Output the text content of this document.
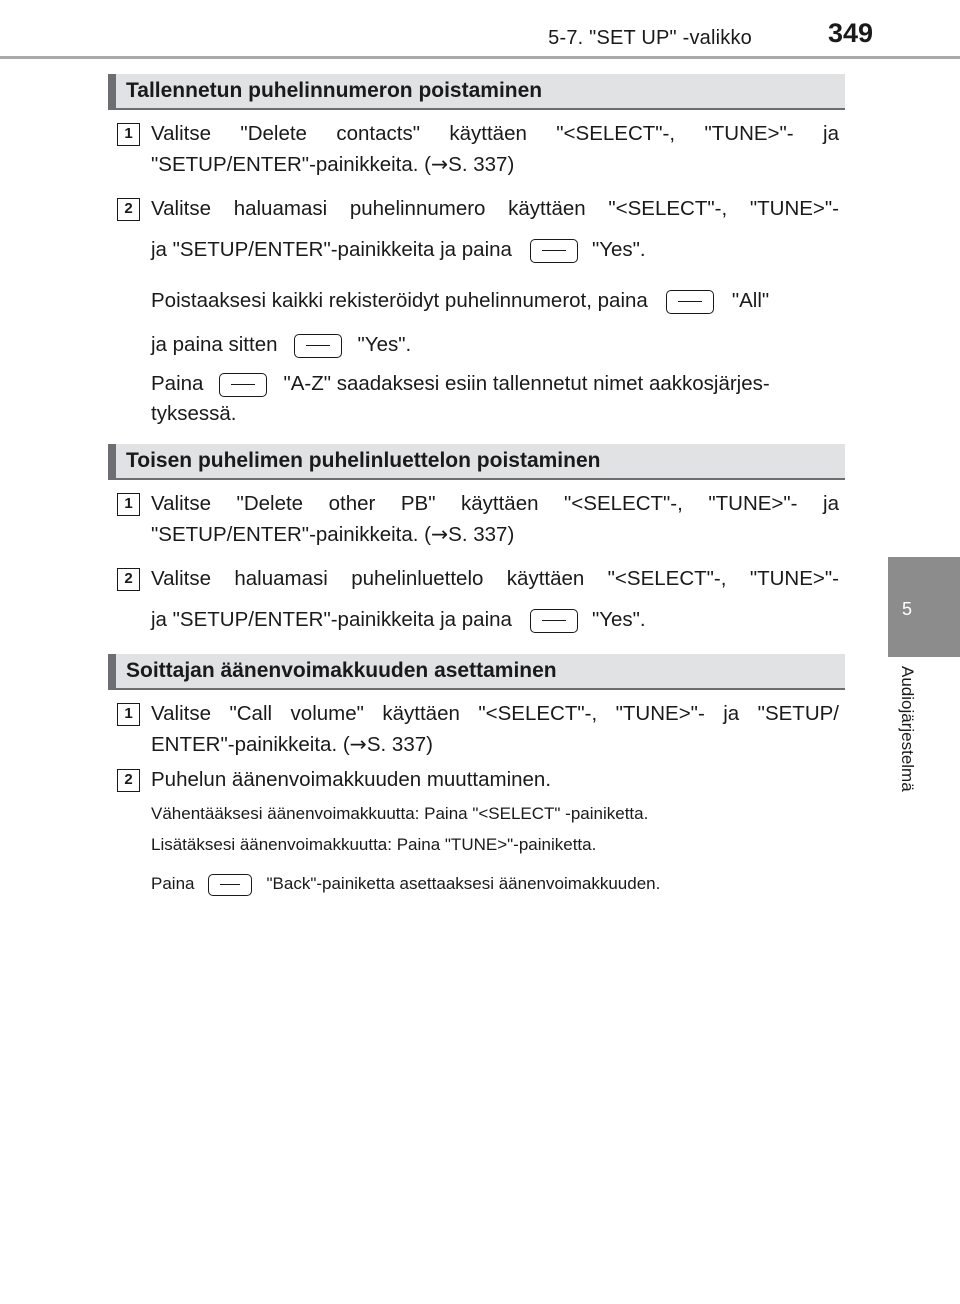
5-7. "SET UP" -valikko	349
5
Audiojärjestelmä
Tallennetun puhelinnumeron poistaminen
1 Valitse "Delete contacts" käyttäen "<SELECT"-, "TUNE>"- ja
"SETUP/ENTER"-painikkeita. (→S. 337)
2 Valitse haluamasi puhelinnumero käyttäen "<SELECT"-, "TUNE>"-
ja "SETUP/ENTER"-painikkeita ja paina	"Yes".
Poistaaksesi kaikki rekisteröidyt puhelinnumerot, paina	"All"
ja paina sitten	"Yes".
Paina	"A-Z" saadaksesi esiin tallennetut nimet aakkosjärjes-
tyksessä.
Toisen puhelimen puhelinluettelon poistaminen
1 Valitse "Delete other PB" käyttäen "<SELECT"-, "TUNE>"- ja
"SETUP/ENTER"-painikkeita. (→S. 337)
2 Valitse haluamasi puhelinluettelo käyttäen "<SELECT"-, "TUNE>"-
ja "SETUP/ENTER"-painikkeita ja paina	"Yes".
Soittajan äänenvoimakkuuden asettaminen
1 Valitse "Call volume" käyttäen "<SELECT"-, "TUNE>"- ja "SETUP/
ENTER"-painikkeita. (→S. 337)
2 Puhelun äänenvoimakkuuden muuttaminen.
Vähentääksesi äänenvoimakkuutta: Paina "<SELECT" -painiketta.
Lisätäksesi äänenvoimakkuutta: Paina "TUNE>"-painiketta.
Paina	"Back"-painiketta asettaaksesi äänenvoimakkuuden.
